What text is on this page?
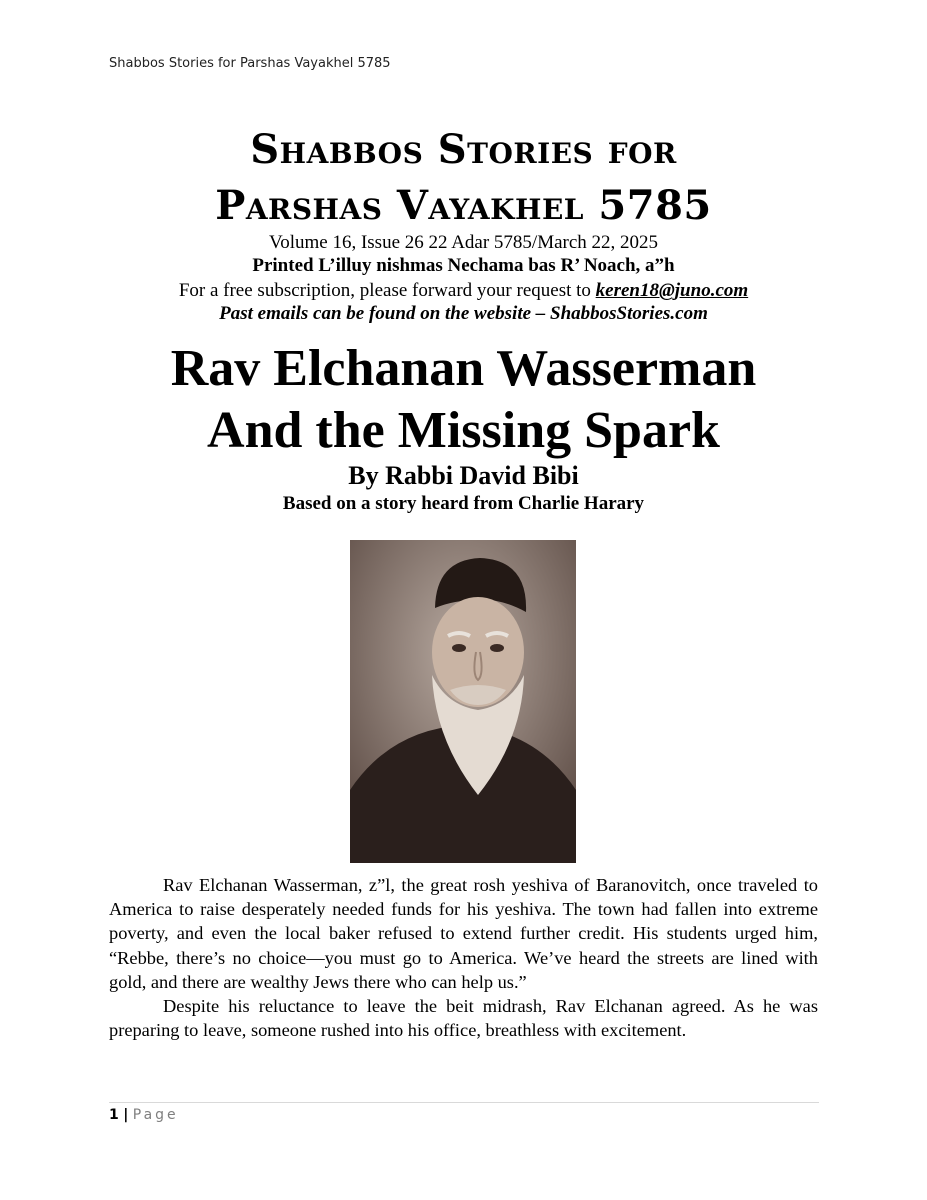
Shabbos Stories for Parshas Vayakhel 5785
Shabbos Stories for
Parshas Vayakhel 5785
Volume 16, Issue 26 22 Adar 5785/March 22, 2025
Printed L’illuy nishmas Nechama bas R’ Noach, a”h
For a free subscription, please forward your request to keren18@juno.com
Past emails can be found on the website – ShabbosStories.com
Rav Elchanan Wasserman
And the Missing Spark
By Rabbi David Bibi
Based on a story heard from Charlie Harary

Rav Elchanan Wasserman, z”l, the great rosh yeshiva of Baranovitch, once traveled to America to raise desperately needed funds for his yeshiva. The town had fallen into extreme poverty, and even the local baker refused to extend further credit. His students urged him, “Rebbe, there’s no choice—you must go to America. We’ve heard the streets are lined with gold, and there are wealthy Jews there who can help us.”

Despite his reluctance to leave the beit midrash, Rav Elchanan agreed. As he was preparing to leave, someone rushed into his office, breathless with excitement.

1 | Page
